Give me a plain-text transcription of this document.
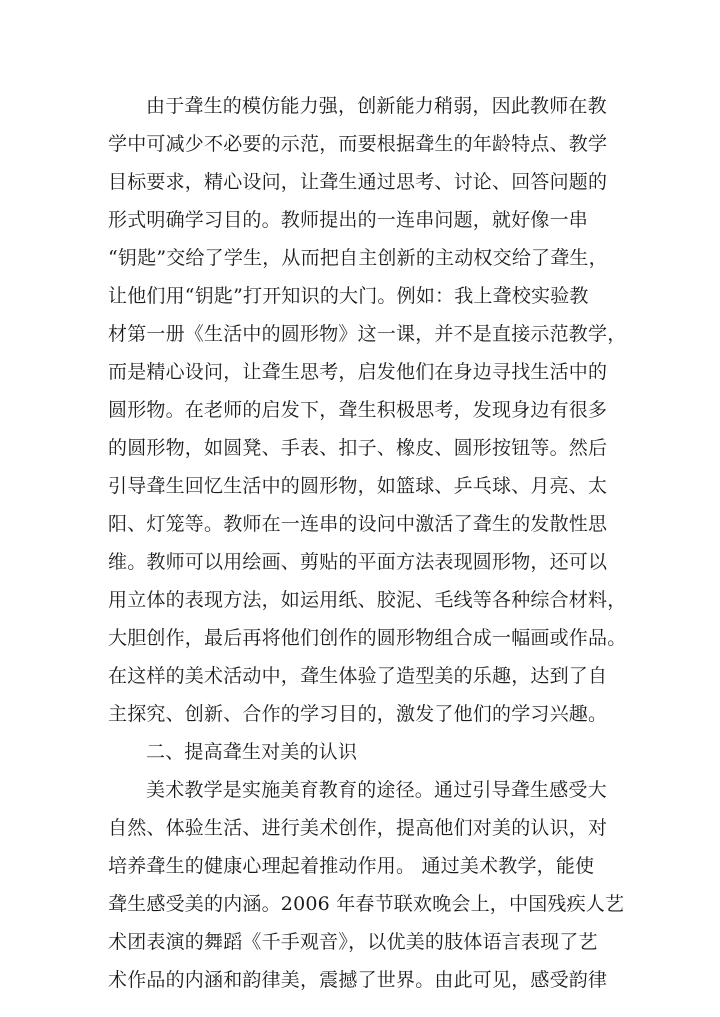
由于聋生的模仿能力强，创新能力稍弱，因此教师在教
学中可减少不必要的示范，而要根据聋生的年龄特点、教学
目标要求，精心设问，让聋生通过思考、讨论、回答问题的
形式明确学习目的。教师提出的一连串问题，就好像一串
“钥匙”交给了学生，从而把自主创新的主动权交给了聋生，
让他们用“钥匙”打开知识的大门。例如：我上聋校实验教
材第一册《生活中的圆形物》这一课，并不是直接示范教学，
而是精心设问，让聋生思考，启发他们在身边寻找生活中的
圆形物。在老师的启发下，聋生积极思考，发现身边有很多
的圆形物，如圆凳、手表、扣子、橡皮、圆形按钮等。然后
引导聋生回忆生活中的圆形物，如篮球、乒乓球、月亮、太
阳、灯笼等。教师在一连串的设问中激活了聋生的发散性思
维。教师可以用绘画、剪贴的平面方法表现圆形物，还可以
用立体的表现方法，如运用纸、胶泥、毛线等各种综合材料，
大胆创作，最后再将他们创作的圆形物组合成一幅画或作品。
在这样的美术活动中，聋生体验了造型美的乐趣，达到了自
主探究、创新、合作的学习目的，激发了他们的学习兴趣。
二、提高聋生对美的认识
美术教学是实施美育教育的途径。通过引导聋生感受大
自然、体验生活、进行美术创作，提高他们对美的认识，对
培养聋生的健康心理起着推动作用。 通过美术教学，能使
聋生感受美的内涵。2006 年春节联欢晚会上，中国残疾人艺
术团表演的舞蹈《千手观音》，以优美的肢体语言表现了艺
术作品的内涵和韵律美，震撼了世界。由此可见，感受韵律
